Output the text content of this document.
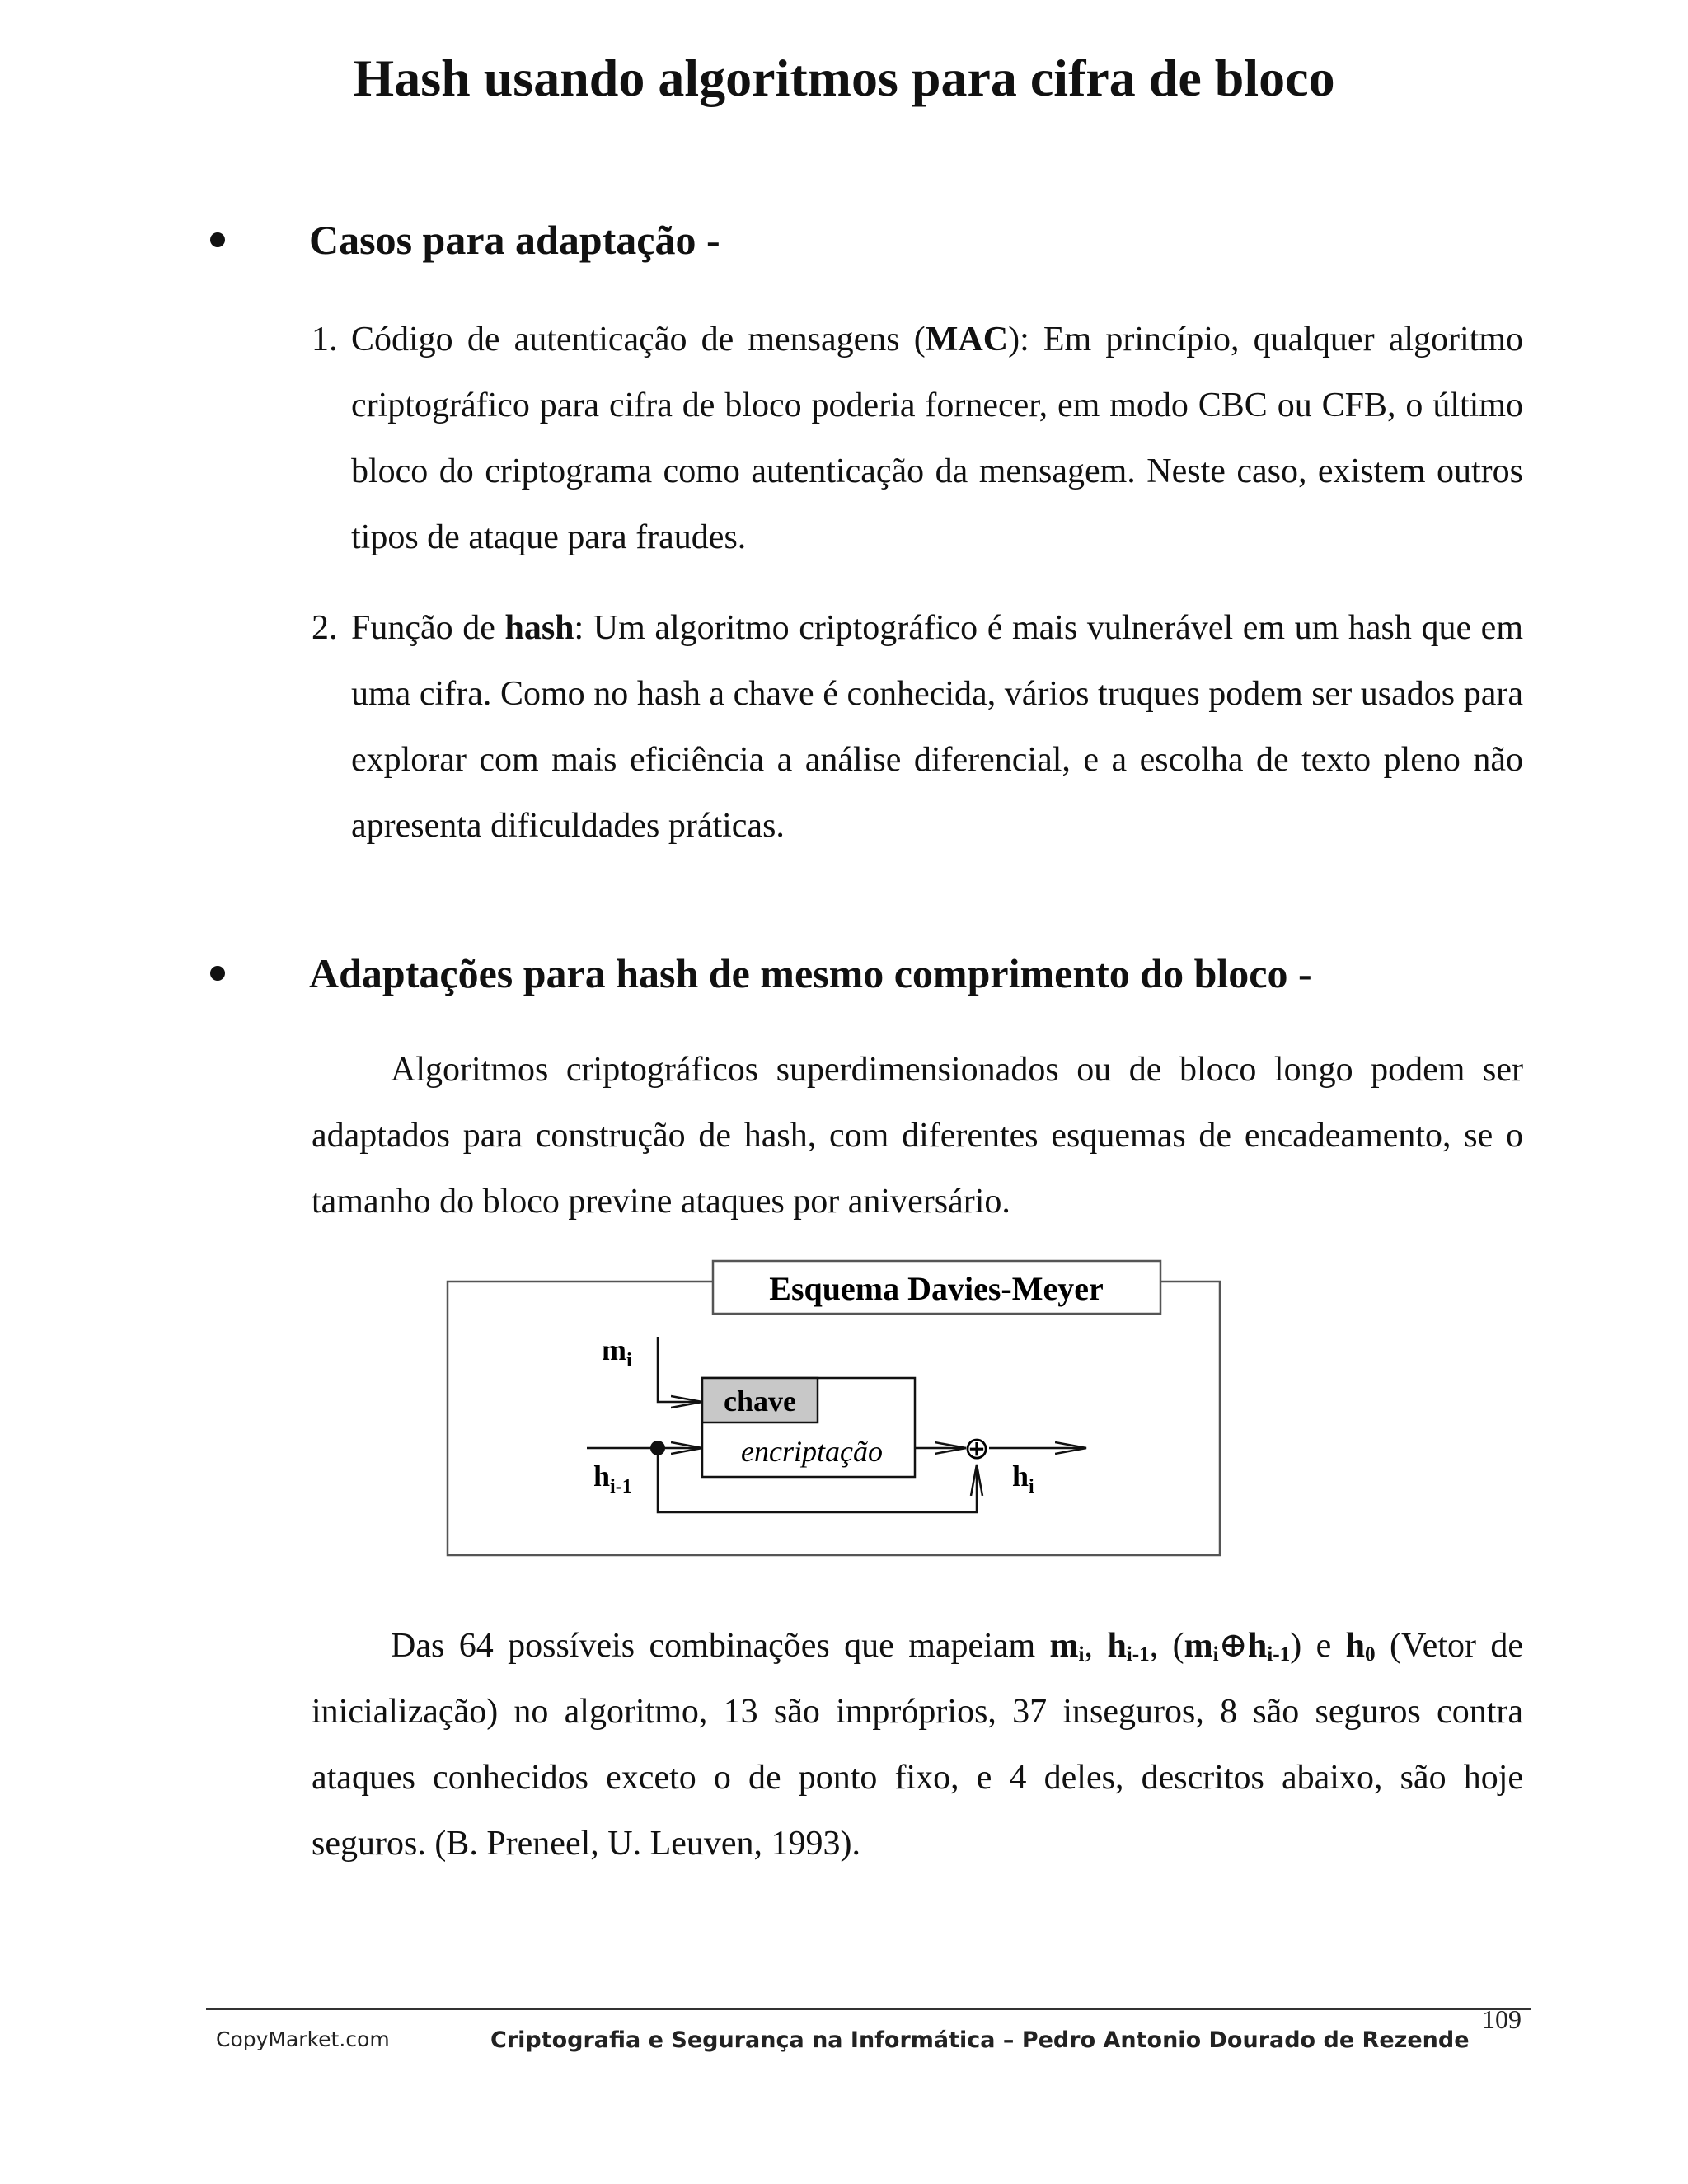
Hash usando algoritmos para cifra de bloco
Casos para adaptação -
1. Código de autenticação de mensagens (MAC): Em princípio, qualquer algoritmo criptográfico para cifra de bloco poderia fornecer, em modo CBC ou CFB, o último bloco do criptograma como autenticação da mensagem. Neste caso, existem outros tipos de ataque para fraudes.
2. Função de hash: Um algoritmo criptográfico é mais vulnerável em um hash que em uma cifra. Como no hash a chave é conhecida, vários truques podem ser usados para explorar com mais eficiência a análise diferencial, e a escolha de texto pleno não apresenta dificuldades práticas.
Adaptações para hash de mesmo comprimento do bloco -

Algoritmos criptográficos superdimensionados ou de bloco longo podem ser adaptados para construção de hash, com diferentes esquemas de encadeamento, se o tamanho do bloco previne ataques por aniversário.

Esquema Davies-Meyer
chave
encriptação
$m_i$
$h_{i-1}$
⊕
$h_i$

Das 64 possíveis combinações que mapeiam $m_i$, $h_{i-1}$, $(m_i\oplus h_{i-1})$ e $h_0$ (Vetor de inicialização) no algoritmo, 13 são impróprios, 37 inseguros, 8 são seguros contra ataques conhecidos exceto o de ponto fixo, e 4 deles, descritos abaixo, são hoje seguros. (B. Preneel, U. Leuven, 1993).

109
CopyMarket.com	Criptografia e Segurança na Informática – Pedro Antonio Dourado de Rezende
